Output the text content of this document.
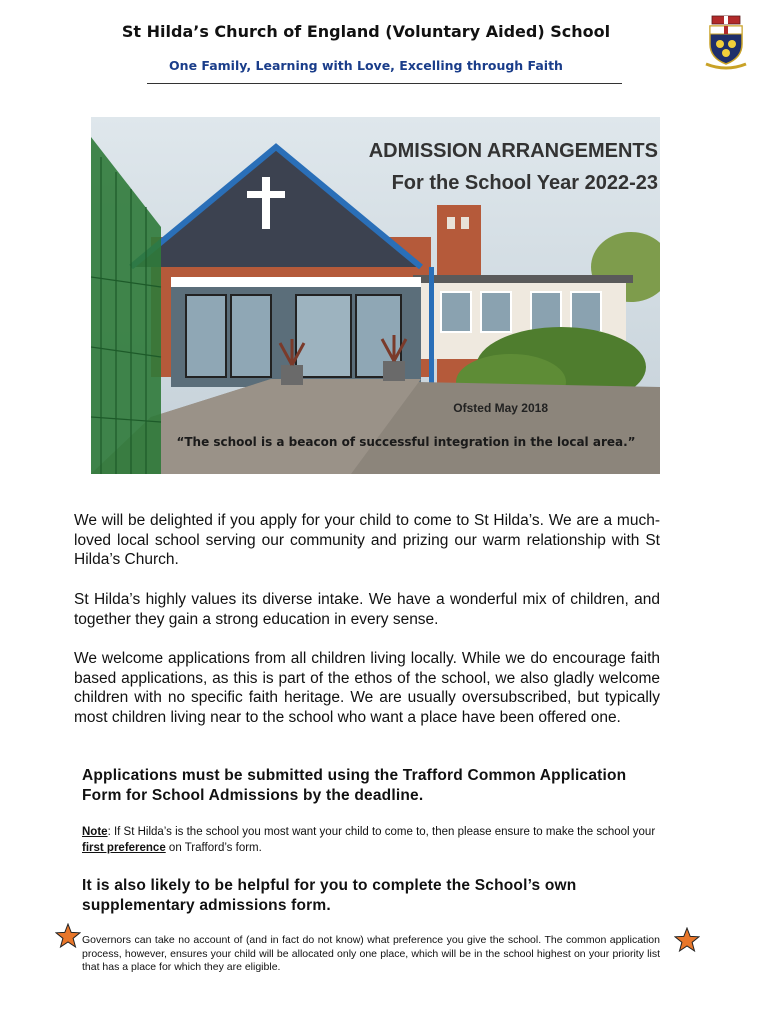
St Hilda’s Church of England (Voluntary Aided) School
One Family, Learning with Love, Excelling through Faith
ADMISSION ARRANGEMENTS
For the School Year 2022-23
Ofsted May 2018
“The school is a beacon of successful integration in the local area.”

We will be delighted if you apply for your child to come to St Hilda’s. We are a much-loved local school serving our community and prizing our warm relationship with St Hilda’s Church.

St Hilda’s highly values its diverse intake. We have a wonderful mix of children, and together they gain a strong education in every sense.

We welcome applications from all children living locally. While we do encourage faith based applications, as this is part of the ethos of the school, we also gladly welcome children with no specific faith heritage. We are usually oversubscribed, but typically most children living near to the school who want a place have been offered one.

Applications must be submitted using the Trafford Common Application Form for School Admissions by the deadline.

Note: If St Hilda’s is the school you most want your child to come to, then please ensure to make the school your first preference on Trafford’s form.

It is also likely to be helpful for you to complete the School’s own supplementary admissions form.

Governors can take no account of (and in fact do not know) what preference you give the school. The common application process, however, ensures your child will be allocated only one place, which will be in the school highest on your priority list that has a place for which they are eligible.
